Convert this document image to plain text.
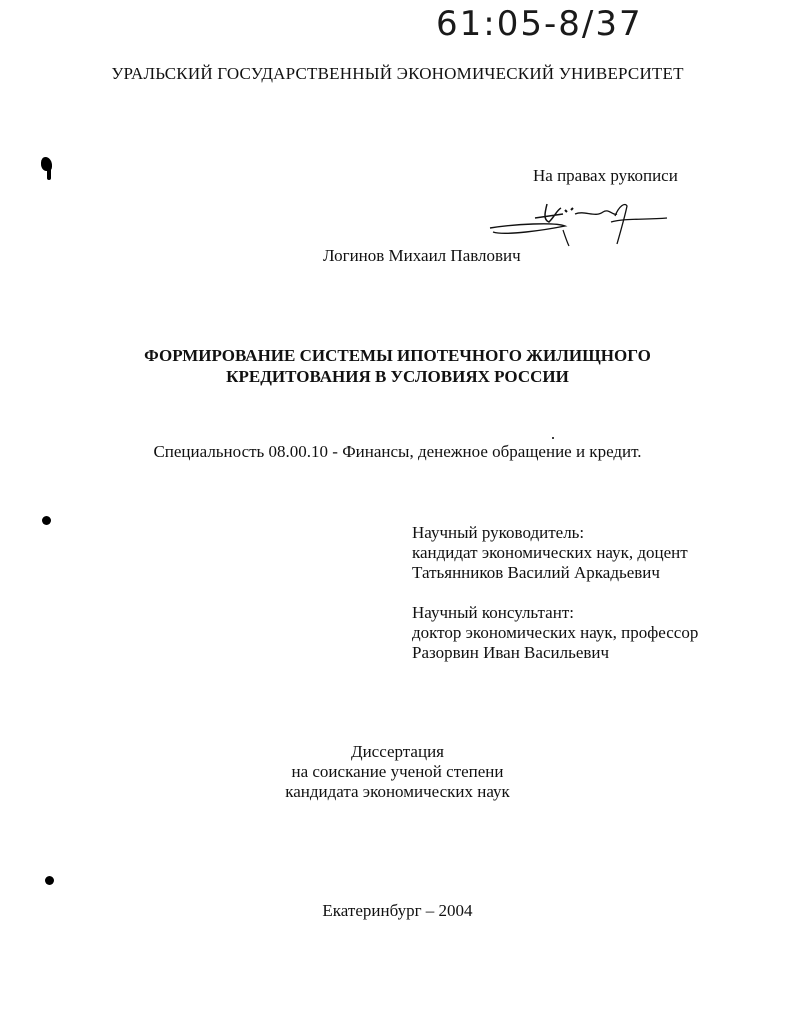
61:05-8/37
УРАЛЬСКИЙ ГОСУДАРСТВЕННЫЙ ЭКОНОМИЧЕСКИЙ УНИВЕРСИТЕТ
На правах рукописи
Логинов Михаил Павлович
ФОРМИРОВАНИЕ СИСТЕМЫ ИПОТЕЧНОГО ЖИЛИЩНОГО
КРЕДИТОВАНИЯ В УСЛОВИЯХ РОССИИ
Специальность 08.00.10 - Финансы, денежное обращение и кредит.
Научный руководитель:
кандидат экономических наук, доцент
Татьянников Василий Аркадьевич
Научный консультант:
доктор экономических наук, профессор
Разорвин Иван Васильевич
Диссертация
на соискание ученой степени
кандидата экономических наук
Екатеринбург – 2004
